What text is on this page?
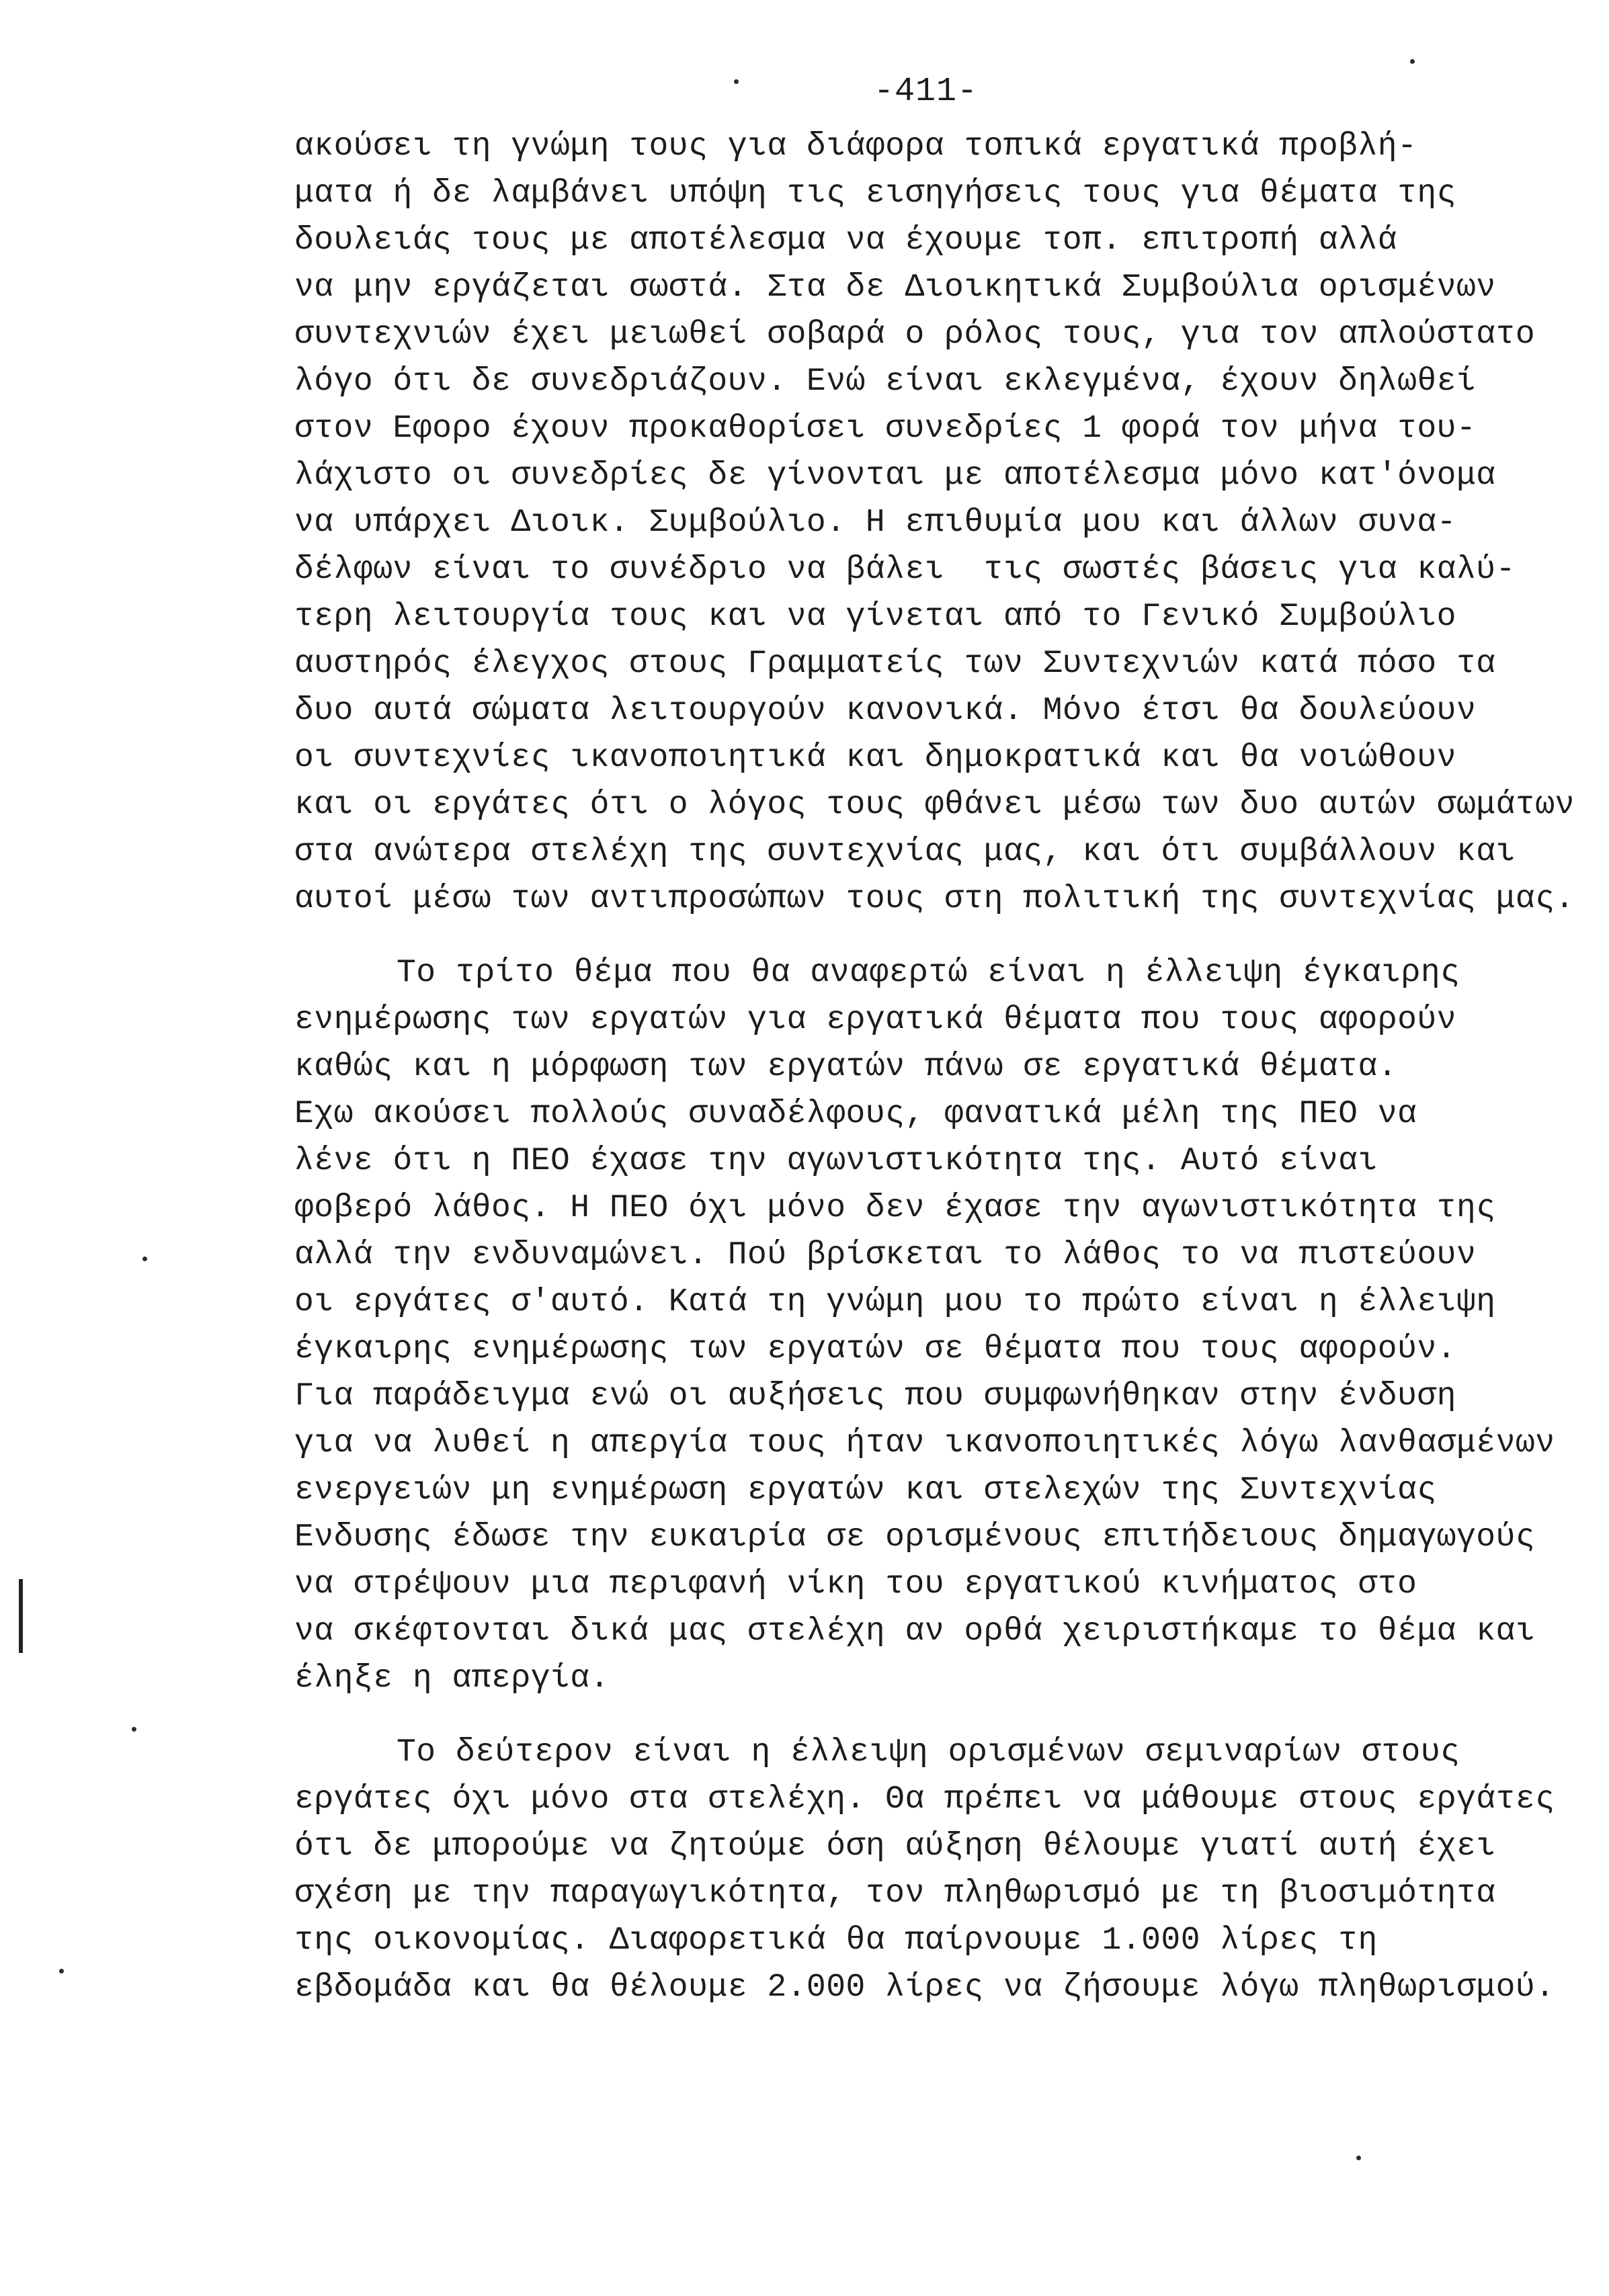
-411-
ακούσει τη γνώμη τους για διάφορα τοπικά εργατικά προβλή-
ματα ή δε λαμβάνει υπόψη τις εισηγήσεις τους για θέματα της
δουλειάς τους με αποτέλεσμα να έχουμε τοπ. επιτροπή αλλά
να μην εργάζεται σωστά. Στα δε Διοικητικά Συμβούλια ορισμένων
συντεχνιών έχει μειωθεί σοβαρά ο ρόλος τους, για τον απλούστατο
λόγο ότι δε συνεδριάζουν. Ενώ είναι εκλεγμένα, έχουν δηλωθεί
στον Εφορο έχουν προκαθορίσει συνεδρίες 1 φορά τον μήνα του-
λάχιστο οι συνεδρίες δε γίνονται με αποτέλεσμα μόνο κατ'όνομα
να υπάρχει Διοικ. Συμβούλιο. Η επιθυμία μου και άλλων συνα-
δέλφων είναι το συνέδριο να βάλει  τις σωστές βάσεις για καλύ-
τερη λειτουργία τους και να γίνεται από το Γενικό Συμβούλιο
αυστηρός έλεγχος στους Γραμματείς των Συντεχνιών κατά πόσο τα
δυο αυτά σώματα λειτουργούν κανονικά. Μόνο έτσι θα δουλεύουν
οι συντεχνίες ικανοποιητικά και δημοκρατικά και θα νοιώθουν
και οι εργάτες ότι ο λόγος τους φθάνει μέσω των δυο αυτών σωμάτων
στα ανώτερα στελέχη της συντεχνίας μας, και ότι συμβάλλουν και
αυτοί μέσω των αντιπροσώπων τους στη πολιτική της συντεχνίας μας.
Το τρίτο θέμα που θα αναφερτώ είναι η έλλειψη έγκαιρης
ενημέρωσης των εργατών για εργατικά θέματα που τους αφορούν
καθώς και η μόρφωση των εργατών πάνω σε εργατικά θέματα.
Εχω ακούσει πολλούς συναδέλφους, φανατικά μέλη της ΠΕΟ να
λένε ότι η ΠΕΟ έχασε την αγωνιστικότητα της. Αυτό είναι
φοβερό λάθος. Η ΠΕΟ όχι μόνο δεν έχασε την αγωνιστικότητα της
αλλά την ενδυναμώνει. Πού βρίσκεται το λάθος το να πιστεύουν
οι εργάτες σ'αυτό. Κατά τη γνώμη μου το πρώτο είναι η έλλειψη
έγκαιρης ενημέρωσης των εργατών σε θέματα που τους αφορούν.
Για παράδειγμα ενώ οι αυξήσεις που συμφωνήθηκαν στην ένδυση
για να λυθεί η απεργία τους ήταν ικανοποιητικές λόγω λανθασμένων
ενεργειών μη ενημέρωση εργατών και στελεχών της Συντεχνίας
Ενδυσης έδωσε την ευκαιρία σε ορισμένους επιτήδειους δημαγωγούς
να στρέψουν μια περιφανή νίκη του εργατικού κινήματος στο
να σκέφτονται δικά μας στελέχη αν ορθά χειριστήκαμε το θέμα και
έληξε η απεργία.
Το δεύτερον είναι η έλλειψη ορισμένων σεμιναρίων στους
εργάτες όχι μόνο στα στελέχη. Θα πρέπει να μάθουμε στους εργάτες
ότι δε μπορούμε να ζητούμε όση αύξηση θέλουμε γιατί αυτή έχει
σχέση με την παραγωγικότητα, τον πληθωρισμό με τη βιοσιμότητα
της οικονομίας. Διαφορετικά θα παίρνουμε 1.000 λίρες τη
εβδομάδα και θα θέλουμε 2.000 λίρες να ζήσουμε λόγω πληθωρισμού.
